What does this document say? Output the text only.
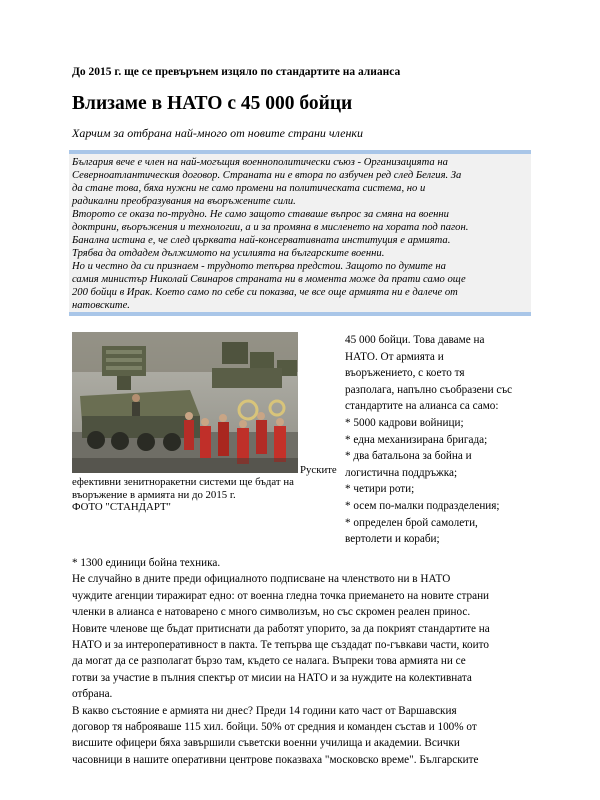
До 2015 г. ще се превърънем изцяло по стандартите на алианса
Влизаме в НАТО с 45 000 бойци
Харчим за отбрана най-много от новите страни членки

България вече е член на най-могъщия военнополитически съюз - Организацията на

Северноатлантическия договор. Страната ни е втора по азбучен ред след Белгия. За

да стане това, бяха нужни не само промени на политическата система, но и

радикални преобразувания на въоръжените сили.

Второто се оказа по-трудно. Не само защото ставаше въпрос за смяна на военни

доктрини, въоръжения и технологии, а и за промяна в мисленето на хората под пагон.

Банална истина е, че след църквата най-консервативната институция е армията.

Трябва да отдадем дължимото на усилията на българските военни.

Но и честно да си признаем - трудното тепърва предстои. Защото по думите на

самия министър Николай Свинаров страната ни в момента може да прати само още

200 бойци в Ирак. Което само по себе си показва, че все още армията ни е далече от

натовските.

Руските
ефективни зенитноракетни системи ще бъдат на
въоръжение в армията ни до 2015 г.
ФОТО "СТАНДАРТ"
45 000 бойци. Това даваме на
НАТО. От армията и
въоръжението, с което тя
разполага, напълно съобразени със
стандартите на алианса са само:
* 5000 кадрови войници;
* една механизирана бригада;
* два батальона за бойна и
логистична поддръжка;
* четири роти;
* осем по-малки подразделения;
* определен брой самолети,
вертолети и кораби;
* 1300 единици бойна техника.
Не случайно в дните преди официалното подписване на членството ни в НАТО
чуждите агенции тиражират едно: от военна гледна точка приемането на новите страни
членки в алианса е натоварено с много символизъм, но със скромен реален принос.
Новите членове ще бъдат притиснати да работят упорито, за да покрият стандартите на
НАТО и за интероперативност в пакта. Те тепърва ще създадат по-гъвкави части, които
да могат да се разполагат бързо там, където се налага. Въпреки това армията ни се
готви за участие в пълния спектър от мисии на НАТО и за нуждите на колективната
отбрана.
В какво състояние е армията ни днес? Преди 14 години като част от Варшавския
договор тя наброяваше 115 хил. бойци. 50% от средния и команден състав и 100% от
висшите офицери бяха завършили съветски военни училища и академии. Всички
часовници в нашите оперативни центрове показваха "московско време". Българските
